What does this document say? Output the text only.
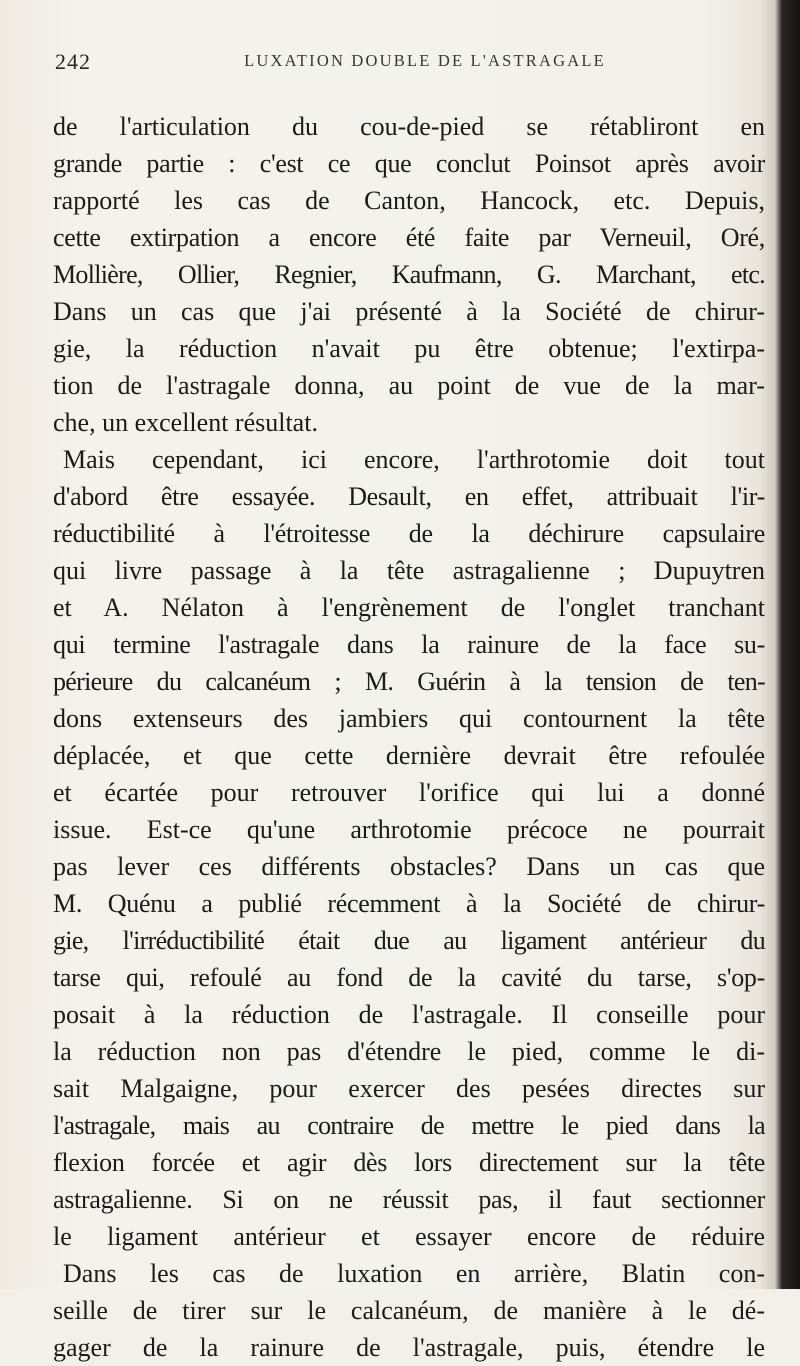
242	LUXATION DOUBLE DE L'ASTRAGALE
de l'articulation du cou-de-pied se rétabliront en
grande partie : c'est ce que conclut Poinsot après avoir
rapporté les cas de Canton, Hancock, etc. Depuis,
cette extirpation a encore été faite par Verneuil, Oré,
Mollière, Ollier, Regnier, Kaufmann, G. Marchant, etc.
Dans un cas que j'ai présenté à la Société de chirur-
gie, la réduction n'avait pu être obtenue; l'extirpa-
tion de l'astragale donna, au point de vue de la mar-
che, un excellent résultat.
Mais cependant, ici encore, l'arthrotomie doit tout
d'abord être essayée. Desault, en effet, attribuait l'ir-
réductibilité à l'étroitesse de la déchirure capsulaire
qui livre passage à la tête astragalienne ; Dupuytren
et A. Nélaton à l'engrènement de l'onglet tranchant
qui termine l'astragale dans la rainure de la face su-
périeure du calcanéum ; M. Guérin à la tension de ten-
dons extenseurs des jambiers qui contournent la tête
déplacée, et que cette dernière devrait être refoulée
et écartée pour retrouver l'orifice qui lui a donné
issue. Est-ce qu'une arthrotomie précoce ne pourrait
pas lever ces différents obstacles? Dans un cas que
M. Quénu a publié récemment à la Société de chirur-
gie, l'irréductibilité était due au ligament antérieur du
tarse qui, refoulé au fond de la cavité du tarse, s'op-
posait à la réduction de l'astragale. Il conseille pour
la réduction non pas d'étendre le pied, comme le di-
sait Malgaigne, pour exercer des pesées directes sur
l'astragale, mais au contraire de mettre le pied dans la
flexion forcée et agir dès lors directement sur la tête
astragalienne. Si on ne réussit pas, il faut sectionner
le ligament antérieur et essayer encore de réduire
Dans les cas de luxation en arrière, Blatin con-
seille de tirer sur le calcanéum, de manière à le dé-
gager de la rainure de l'astragale, puis, étendre le
